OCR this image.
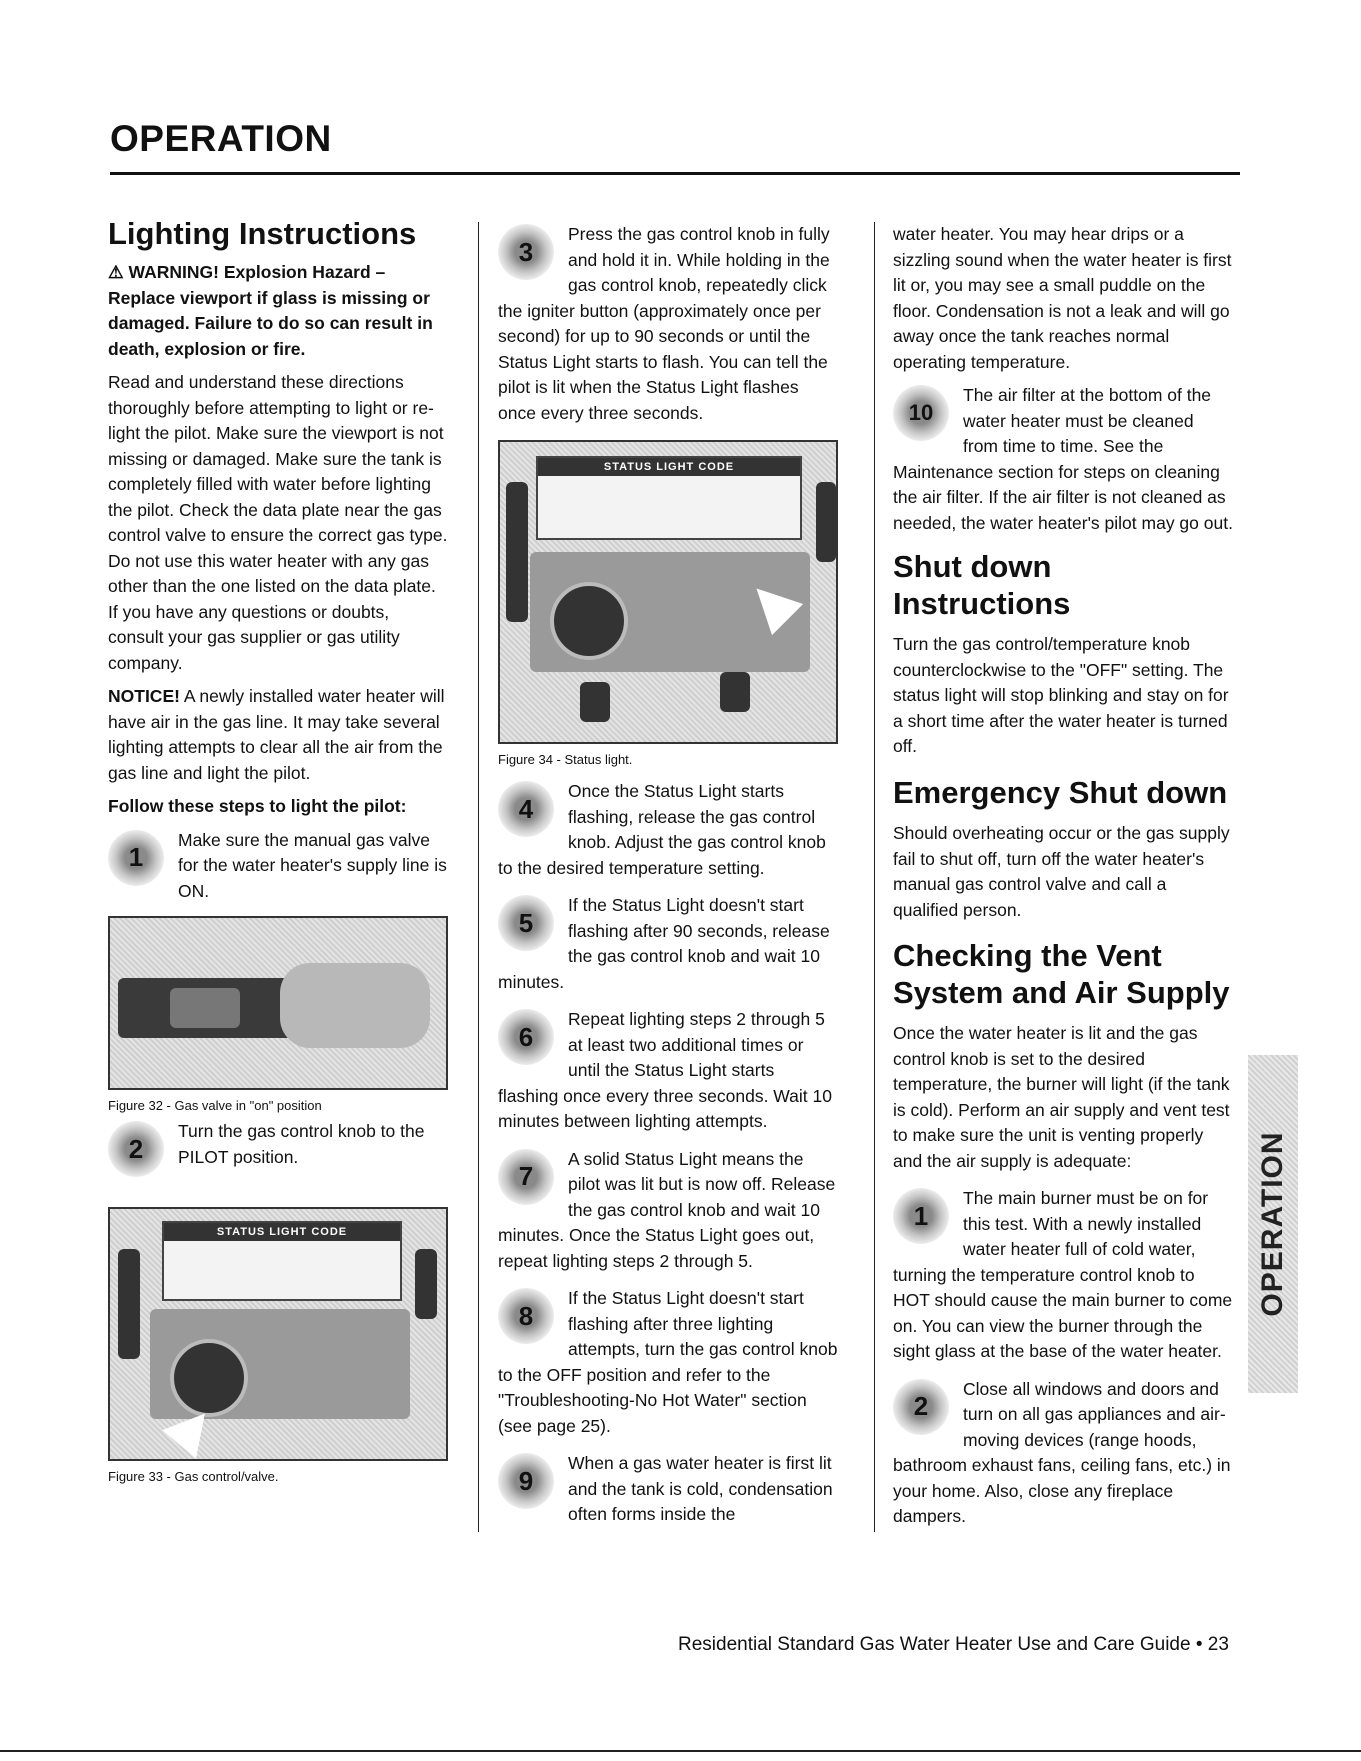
OPERATION
Lighting Instructions

⚠ WARNING! Explosion Hazard – Replace viewport if glass is missing or damaged. Failure to do so can result in death, explosion or fire.

Read and understand these directions thoroughly before attempting to light or re-light the pilot. Make sure the viewport is not missing or damaged. Make sure the tank is completely filled with water before lighting the pilot. Check the data plate near the gas control valve to ensure the correct gas type. Do not use this water heater with any gas other than the one listed on the data plate. If you have any questions or doubts, consult your gas supplier or gas utility company.

NOTICE! A newly installed water heater will have air in the gas line. It may take several lighting attempts to clear all the air from the gas line and light the pilot.

Follow these steps to light the pilot:

1

Make sure the manual gas valve for the water heater's supply line is ON.

Figure 32 - Gas valve in "on" position
2

Turn the gas control knob to the PILOT position.

STATUS LIGHT CODE
Figure 33 - Gas control/valve.
3

Press the gas control knob in fully and hold it in. While holding in the gas control knob, repeatedly click the igniter button (approximately once per second) for up to 90 seconds or until the Status Light starts to flash. You can tell the pilot is lit when the Status Light flashes once every three seconds.

STATUS LIGHT CODE
Figure 34 - Status light.
4

Once the Status Light starts flashing, release the gas control knob. Adjust the gas control knob to the desired temperature setting.

5

If the Status Light doesn't start flashing after 90 seconds, release the gas control knob and wait 10 minutes.

6

Repeat lighting steps 2 through 5 at least two additional times or until the Status Light starts flashing once every three seconds. Wait 10 minutes between lighting attempts.

7

A solid Status Light means the pilot was lit but is now off. Release the gas control knob and wait 10 minutes. Once the Status Light goes out, repeat lighting steps 2 through 5.

8

If the Status Light doesn't start flashing after three lighting attempts, turn the gas control knob to the OFF position and refer to the "Troubleshooting-No Hot Water" section (see page 25).

9

When a gas water heater is first lit and the tank is cold, condensation often forms inside the

water heater. You may hear drips or a sizzling sound when the water heater is first lit or, you may see a small puddle on the floor. Condensation is not a leak and will go away once the tank reaches normal operating temperature.

10

The air filter at the bottom of the water heater must be cleaned from time to time. See the Maintenance section for steps on cleaning the air filter. If the air filter is not cleaned as needed, the water heater's pilot may go out.

Shut down Instructions

Turn the gas control/temperature knob counterclockwise to the "OFF" setting. The status light will stop blinking and stay on for a short time after the water heater is turned off.

Emergency Shut down

Should overheating occur or the gas supply fail to shut off, turn off the water heater's manual gas control valve and call a qualified person.

Checking the Vent System and Air Supply

Once the water heater is lit and the gas control knob is set to the desired temperature, the burner will light (if the tank is cold). Perform an air supply and vent test to make sure the unit is venting properly and the air supply is adequate:

1

The main burner must be on for this test. With a newly installed water heater full of cold water, turning the temperature control knob to HOT should cause the main burner to come on. You can view the burner through the sight glass at the base of the water heater.

2

Close all windows and doors and turn on all gas appliances and air-moving devices (range hoods, bathroom exhaust fans, ceiling fans, etc.) in your home. Also, close any fireplace dampers.

OPERATION
Residential Standard Gas Water Heater Use and Care Guide • 23
